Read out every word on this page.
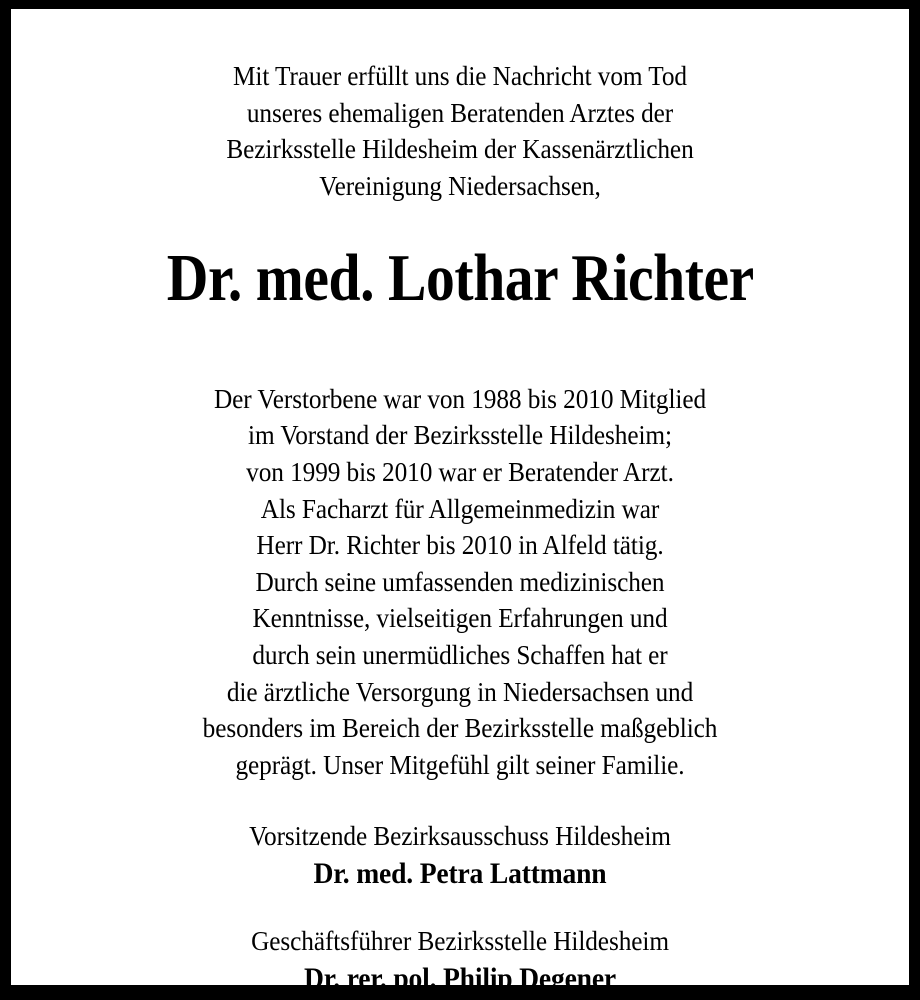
Mit Trauer erfüllt uns die Nachricht vom Tod
unseres ehemaligen Beratenden Arztes der
Bezirksstelle Hildesheim der Kassenärztlichen
Vereinigung Niedersachsen,
Dr. med. Lothar Richter
Der Verstorbene war von 1988 bis 2010 Mitglied
im Vorstand der Bezirksstelle Hildesheim;
von 1999 bis 2010 war er Beratender Arzt.
Als Facharzt für Allgemeinmedizin war
Herr Dr. Richter bis 2010 in Alfeld tätig.
Durch seine umfassenden medizinischen
Kenntnisse, vielseitigen Erfahrungen und
durch sein unermüdliches Schaffen hat er
die ärztliche Versorgung in Niedersachsen und
besonders im Bereich der Bezirksstelle maßgeblich
geprägt. Unser Mitgefühl gilt seiner Familie.
Vorsitzende Bezirksausschuss Hildesheim
Dr. med. Petra Lattmann
Geschäftsführer Bezirksstelle Hildesheim
Dr. rer. pol. Philip Degener
